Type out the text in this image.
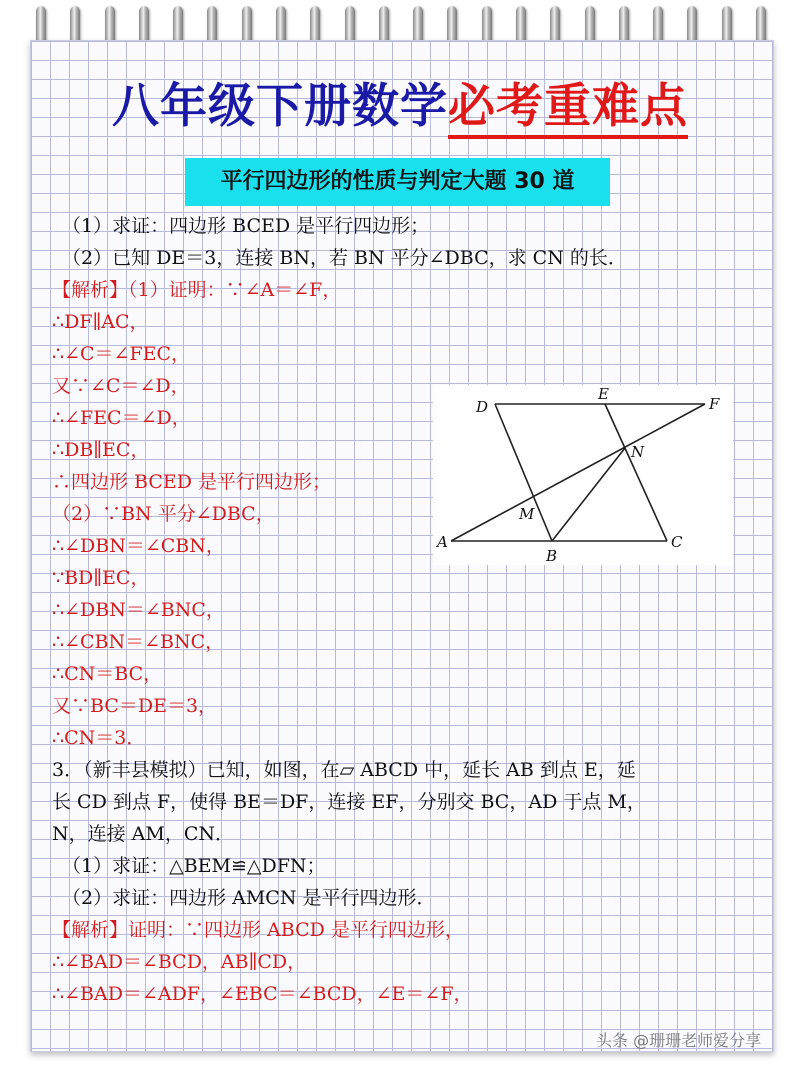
八年级下册数学必考重难点
平行四边形的性质与判定大题 30 道
（1）求证：四边形 BCED 是平行四边形；
（2）已知 DE＝3，连接 BN，若 BN 平分∠DBC，求 CN 的长．
【解析】（1）证明：∵∠A＝∠F，
∴DF∥AC，
∴∠C＝∠FEC，
又∵∠C＝∠D，
∴∠FEC＝∠D，
∴DB∥EC，
∴四边形 BCED 是平行四边形；
（2）∵BN 平分∠DBC，
∴∠DBN＝∠CBN，
∵BD∥EC，
∴∠DBN＝∠BNC，
∴∠CBN＝∠BNC，
∴CN＝BC，
又∵BC＝DE＝3，
∴CN＝3．
3．（新丰县模拟）已知，如图，在▱ ABCD 中，延长 AB 到点 E，延
长 CD 到点 F，使得 BE＝DF，连接 EF，分别交 BC，AD 于点 M，
N，连接 AM，CN．
（1）求证：△BEM≌△DFN；
（2）求证：四边形 AMCN 是平行四边形．
【解析】证明：∵四边形 ABCD 是平行四边形，
∴∠BAD＝∠BCD，AB∥CD，
∴∠BAD＝∠ADF，∠EBC＝∠BCD，∠E＝∠F，
D
E
F
N
M
A
B
C
头条 @珊珊老师爱分享
